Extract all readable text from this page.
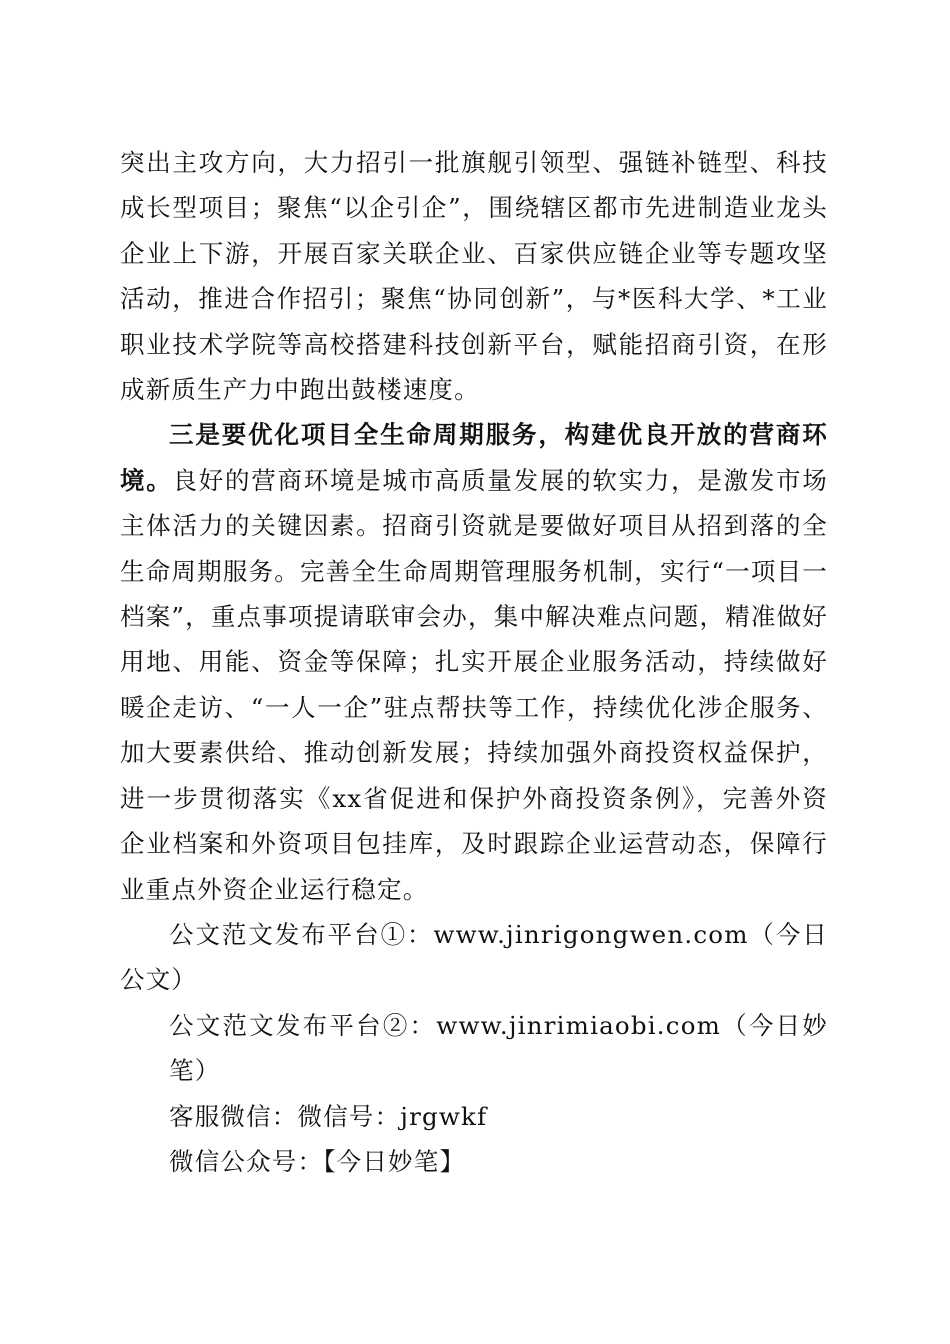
突出主攻方向，大力招引一批旗舰引领型、强链补链型、科技成长型项目；聚焦“以企引企”，围绕辖区都市先进制造业龙头企业上下游，开展百家关联企业、百家供应链企业等专题攻坚活动，推进合作招引；聚焦“协同创新”，与*医科大学、*工业职业技术学院等高校搭建科技创新平台，赋能招商引资，在形成新质生产力中跑出鼓楼速度。

三是要优化项目全生命周期服务，构建优良开放的营商环境。良好的营商环境是城市高质量发展的软实力，是激发市场主体活力的关键因素。招商引资就是要做好项目从招到落的全生命周期服务。完善全生命周期管理服务机制，实行“一项目一档案”，重点事项提请联审会办，集中解决难点问题，精准做好用地、用能、资金等保障；扎实开展企业服务活动，持续做好暖企走访、“一人一企”驻点帮扶等工作，持续优化涉企服务、加大要素供给、推动创新发展；持续加强外商投资权益保护，进一步贯彻落实《xx省促进和保护外商投资条例》，完善外资企业档案和外资项目包挂库，及时跟踪企业运营动态，保障行业重点外资企业运行稳定。

公文范文发布平台①：www.jinrigongwen.com（今日公文）

公文范文发布平台②：www.jinrimiaobi.com（今日妙笔）

客服微信：微信号：jrgwkf

微信公众号：【今日妙笔】
